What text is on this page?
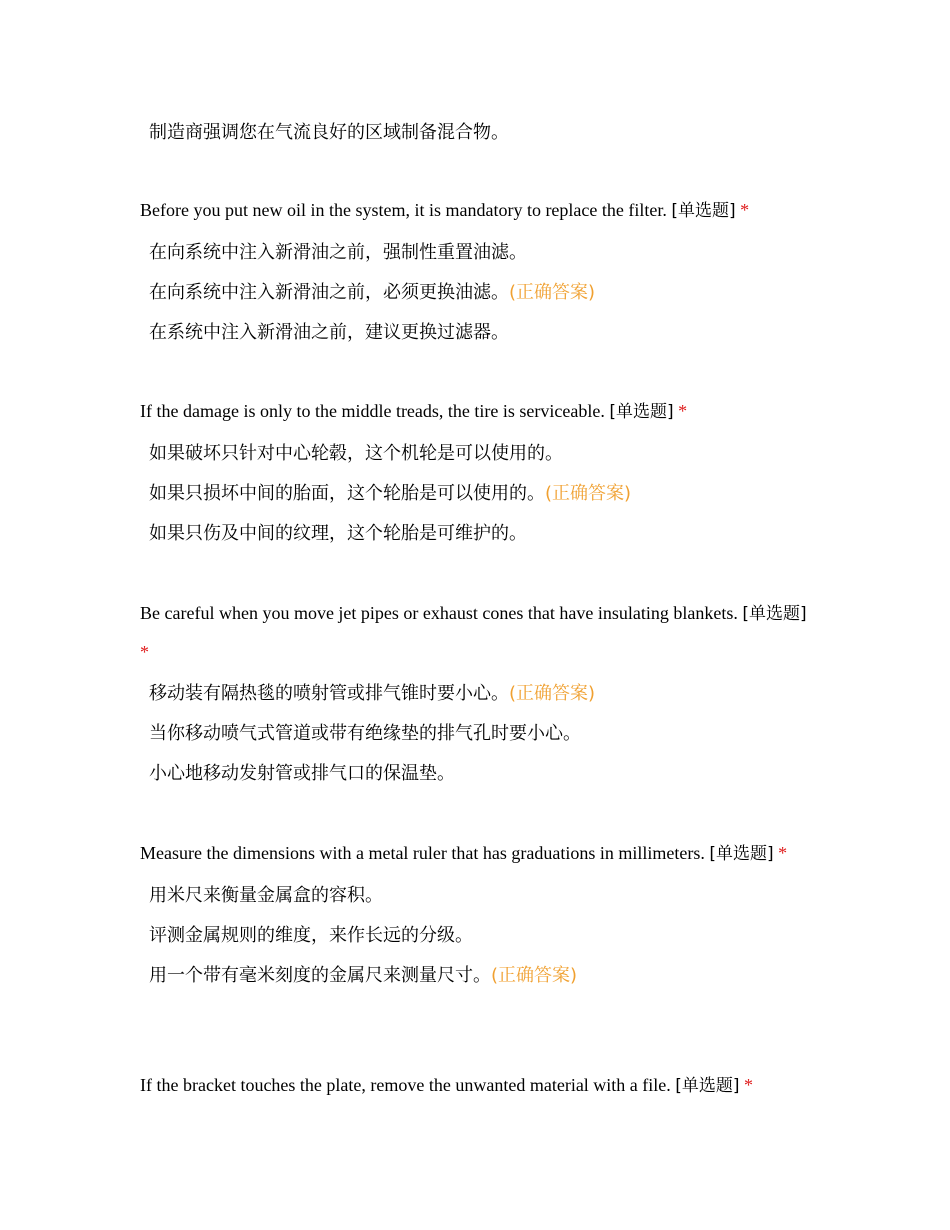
制造商强调您在气流良好的区域制备混合物。

Before you put new oil in the system, it is mandatory to replace the filter. [单选题] *

在向系统中注入新滑油之前，强制性重置油滤。
在向系统中注入新滑油之前，必须更换油滤。(正确答案)
在系统中注入新滑油之前，建议更换过滤器。

If the damage is only to the middle treads, the tire is serviceable. [单选题] *

如果破坏只针对中心轮毂，这个机轮是可以使用的。
如果只损坏中间的胎面，这个轮胎是可以使用的。(正确答案)
如果只伤及中间的纹理，这个轮胎是可维护的。

Be careful when you move jet pipes or exhaust cones that have insulating blankets. [单选题] *

移动装有隔热毯的喷射管或排气锥时要小心。(正确答案)
当你移动喷气式管道或带有绝缘垫的排气孔时要小心。
小心地移动发射管或排气口的保温垫。

Measure the dimensions with a metal ruler that has graduations in millimeters. [单选题] *

用米尺来衡量金属盒的容积。
评测金属规则的维度，来作长远的分级。
用一个带有毫米刻度的金属尺来测量尺寸。(正确答案)

If the bracket touches the plate, remove the unwanted material with a file. [单选题] *
